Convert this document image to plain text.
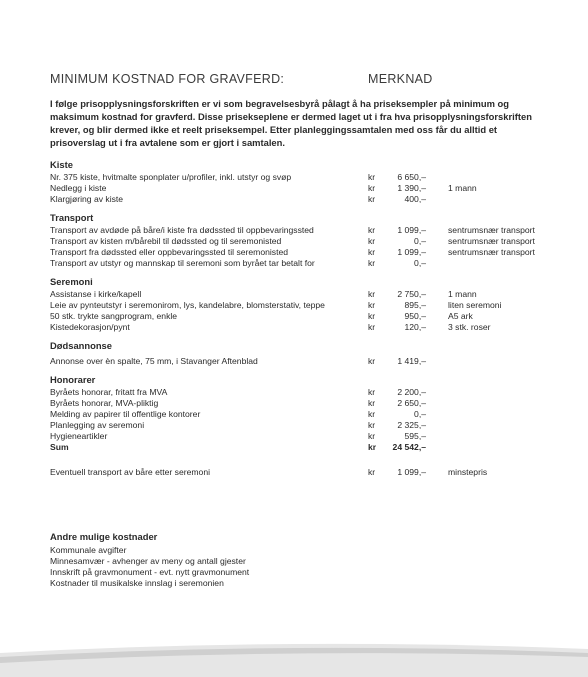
MINIMUM KOSTNAD FOR GRAVFERD:	MERKNAD
I følge prisopplysningsforskriften er vi som begravelsesbyrå pålagt å ha priseksempler på minimum og maksimum kostnad for gravferd. Disse prisekseplene er dermed laget ut i fra hva prisopplysningsforskriften krever, og blir dermed ikke et reelt priseksempel. Etter planleggingssamtalen med oss får du alltid et prisoverslag ut i fra avtalene som er gjort i samtalen.
Kiste
Nr. 375 kiste, hvitmalte sponplater u/profiler, inkl. utstyr og svøp	kr	6 650,–
Nedlegg i kiste	kr	1 390,–	1 mann
Klargjøring av kiste	kr	400,–
Transport
Transport av avdøde på båre/i kiste fra dødssted til oppbevaringssted	kr	1 099,–	sentrumsnær transport
Transport av kisten m/bårebil til dødssted og til seremonisted	kr	0,–	sentrumsnær transport
Transport fra dødssted eller oppbevaringssted til seremonisted	kr	1 099,–	sentrumsnær transport
Transport av utstyr og mannskap til seremoni som byrået tar betalt for	kr	0,–
Seremoni
Assistanse i kirke/kapell	kr	2 750,–	1 mann
Leie av pynteutstyr i seremonirom, lys, kandelabre, blomsterstativ, teppe	kr	895,–	liten seremoni
50 stk. trykte sangprogram, enkle	kr	950,–	A5 ark
Kistedekorasjon/pynt	kr	120,–	3 stk. roser
Dødsannonse
Annonse over èn spalte, 75 mm, i Stavanger Aftenblad	kr	1 419,–
Honorarer
Byråets honorar, fritatt fra MVA	kr	2 200,–
Byråets honorar, MVA-pliktig	kr	2 650,–
Melding av papirer til offentlige kontorer	kr	0,–
Planlegging av seremoni	kr	2 325,–
Hygieneartikler	kr	595,–
Sum	kr	24 542,–
Eventuell transport av båre etter seremoni	kr	1 099,–	minstepris
Andre mulige kostnader
Kommunale avgifter
Minnesamvær - avhenger av meny og antall gjester
Innskrift på gravmonument - evt. nytt gravmonument
Kostnader til musikalske innslag i seremonien
